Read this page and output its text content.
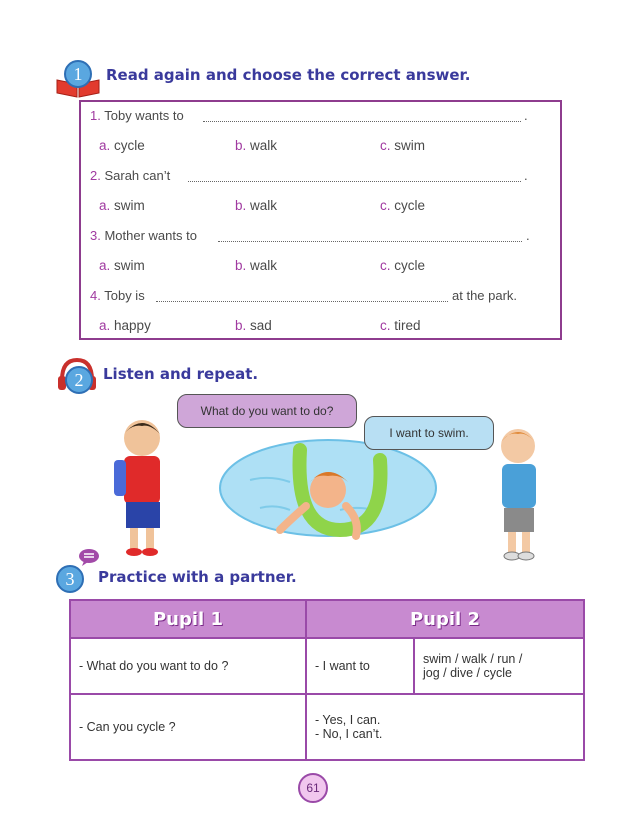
1	Read again and choose the correct answer.
1. Toby wants to	.
a. cycle	b. walk	c. swim
2. Sarah can’t	.
a. swim	b. walk	c. cycle
3. Mother wants to	.
a. swim	b. walk	c. cycle
4. Toby is	at the park.
a. happy	b. sad	c. tired
2	Listen and repeat.
What do you want to do?
I want to swim.
3	Practice with a partner.
Pupil 1	Pupil 2	
- What do you want to do ?	- I want to	swim / walk / run /
jog / dive / cycle

- Can you cycle ?	- Yes, I can.
- No, I can’t.	
61
